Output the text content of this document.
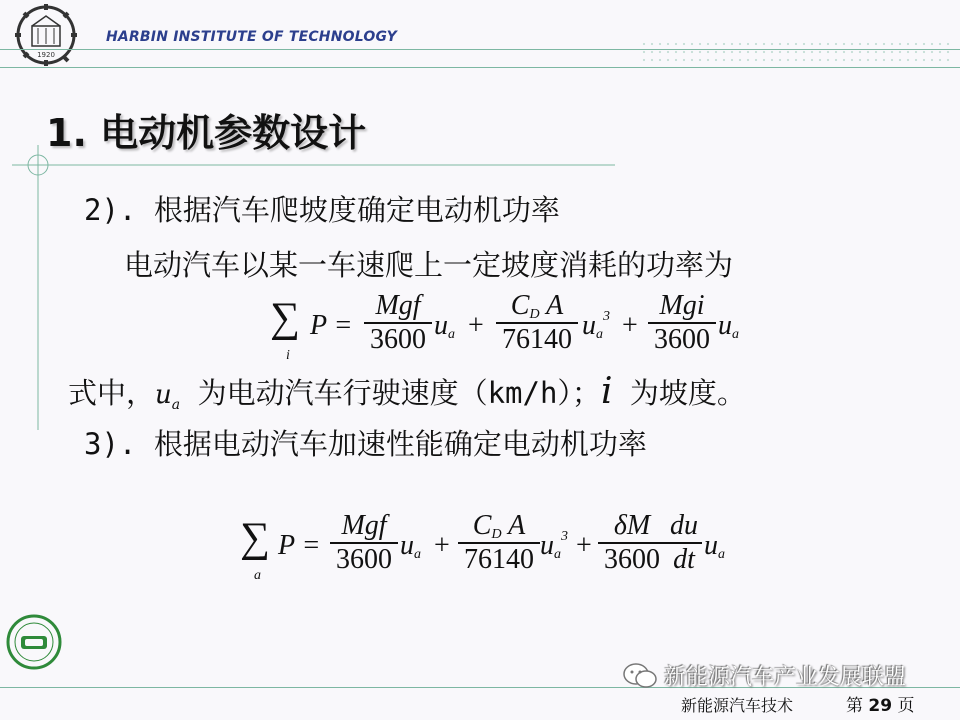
1920
HARBIN INSTITUTE OF TECHNOLOGY
1. 电动机参数设计
2). 根据汽车爬坡度确定电动机功率
电动汽车以某一车速爬上一定坡度消耗的功率为
∑
i
P =
Mgf
3600 ua +
CD A
76140 $ua^3$ +
Mgi
3600 ua
式中，$u_a$ 为电动汽车行驶速度（km/h）；i 为坡度。
3). 根据电动汽车加速性能确定电动机功率
∑
a
P =
Mgf
3600 ua +
CD A
76140 $ua^3$ +
δM
3600
du
dt ua
新能源汽车产业发展联盟
新能源汽车技术	第 29 页
